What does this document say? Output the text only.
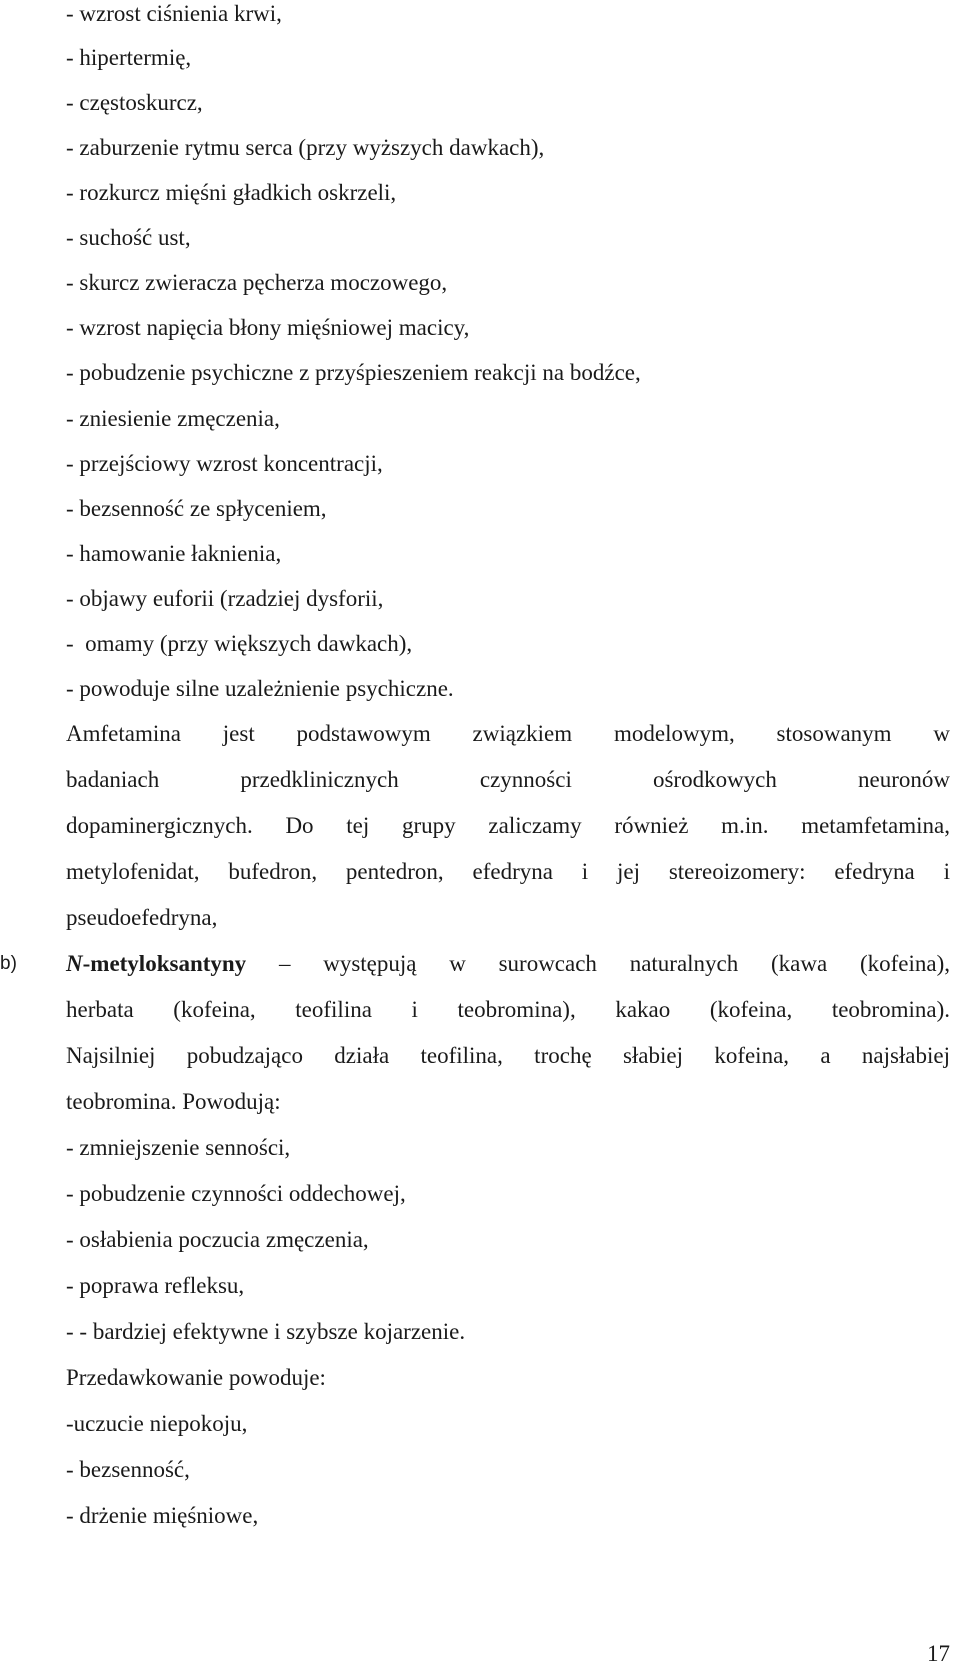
- wzrost ciśnienia krwi,
- hipertermię,
- częstoskurcz,
- zaburzenie rytmu serca (przy wyższych dawkach),
- rozkurcz mięśni gładkich oskrzeli,
- suchość ust,
- skurcz zwieracza pęcherza moczowego,
- wzrost napięcia błony mięśniowej macicy,
- pobudzenie psychiczne z przyśpieszeniem reakcji na bodźce,
- zniesienie zmęczenia,
- przejściowy wzrost koncentracji,
- bezsenność ze spłyceniem,
- hamowanie łaknienia,
- objawy euforii (rzadziej dysforii,
-  omamy (przy większych dawkach),
- powoduje silne uzależnienie psychiczne.
Amfetamina jest podstawowym związkiem modelowym, stosowanym w
badaniach przedklinicznych czynności ośrodkowych neuronów
dopaminergicznych. Do tej grupy zaliczamy również m.in. metamfetamina,
metylofenidat, bufedron, pentedron, efedryna i jej stereoizomery: efedryna i
pseudoefedryna,
b) N-metyloksantyny – występują w surowcach naturalnych (kawa (kofeina),
herbata (kofeina, teofilina i teobromina), kakao (kofeina, teobromina).
Najsilniej pobudzająco działa teofilina, trochę słabiej kofeina, a najsłabiej
teobromina. Powodują:
- zmniejszenie senności,
- pobudzenie czynności oddechowej,
- osłabienia poczucia zmęczenia,
- poprawa refleksu,
- - bardziej efektywne i szybsze kojarzenie.
Przedawkowanie powoduje:
-uczucie niepokoju,
- bezsenność,
- drżenie mięśniowe,
17
